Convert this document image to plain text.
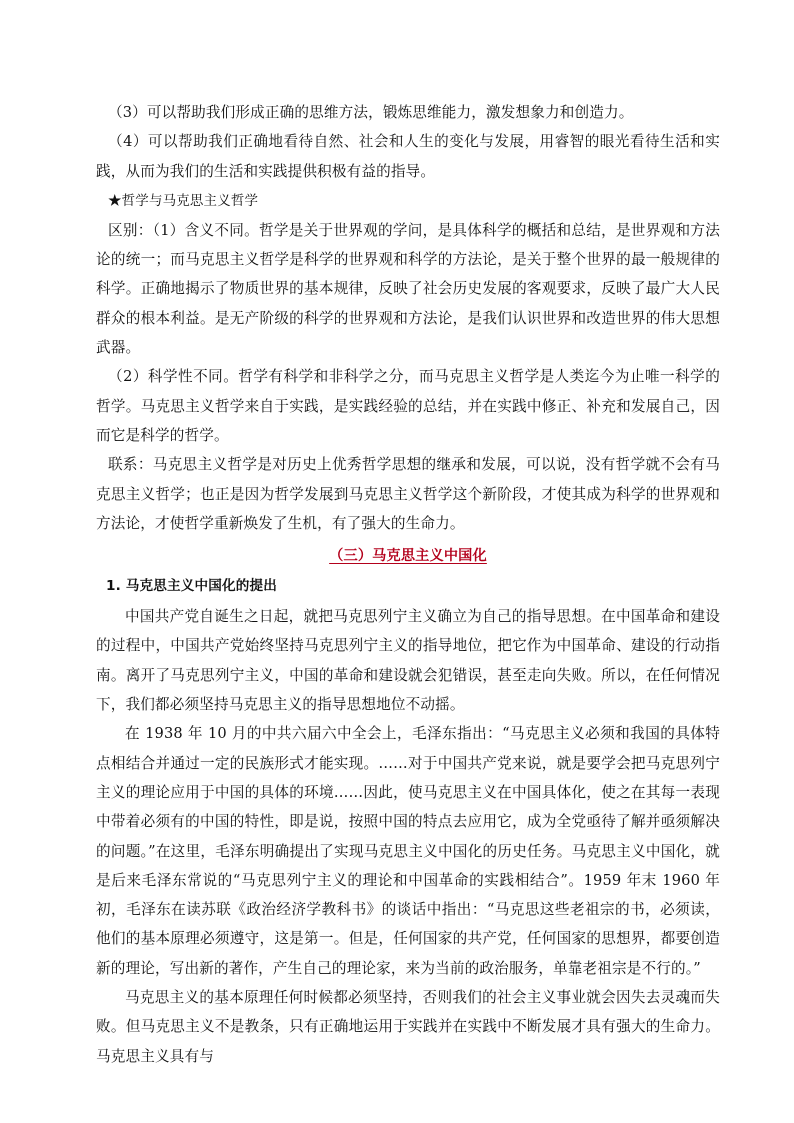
（3）可以帮助我们形成正确的思维方法，锻炼思维能力，激发想象力和创造力。

（4）可以帮助我们正确地看待自然、社会和人生的变化与发展，用睿智的眼光看待生活和实践，从而为我们的生活和实践提供积极有益的指导。

★哲学与马克思主义哲学

区别：（1）含义不同。哲学是关于世界观的学问，是具体科学的概括和总结，是世界观和方法论的统一；而马克思主义哲学是科学的世界观和科学的方法论，是关于整个世界的最一般规律的科学。正确地揭示了物质世界的基本规律，反映了社会历史发展的客观要求，反映了最广大人民群众的根本利益。是无产阶级的科学的世界观和方法论，是我们认识世界和改造世界的伟大思想武器。

（2）科学性不同。哲学有科学和非科学之分，而马克思主义哲学是人类迄今为止唯一科学的哲学。马克思主义哲学来自于实践，是实践经验的总结，并在实践中修正、补充和发展自己，因而它是科学的哲学。

联系：马克思主义哲学是对历史上优秀哲学思想的继承和发展，可以说，没有哲学就不会有马克思主义哲学；也正是因为哲学发展到马克思主义哲学这个新阶段，才使其成为科学的世界观和方法论，才使哲学重新焕发了生机，有了强大的生命力。

（三）马克思主义中国化

1. 马克思主义中国化的提出

中国共产党自诞生之日起，就把马克思列宁主义确立为自己的指导思想。在中国革命和建设的过程中，中国共产党始终坚持马克思列宁主义的指导地位，把它作为中国革命、建设的行动指南。离开了马克思列宁主义，中国的革命和建设就会犯错误，甚至走向失败。所以，在任何情况下，我们都必须坚持马克思主义的指导思想地位不动摇。

在 1938 年 10 月的中共六届六中全会上，毛泽东指出：“马克思主义必须和我国的具体特点相结合并通过一定的民族形式才能实现。……对于中国共产党来说，就是要学会把马克思列宁主义的理论应用于中国的具体的环境……因此，使马克思主义在中国具体化，使之在其每一表现中带着必须有的中国的特性，即是说，按照中国的特点去应用它，成为全党亟待了解并亟须解决的问题。”在这里，毛泽东明确提出了实现马克思主义中国化的历史任务。马克思主义中国化，就是后来毛泽东常说的“马克思列宁主义的理论和中国革命的实践相结合”。1959 年末 1960 年初，毛泽东在读苏联《政治经济学教科书》的谈话中指出：“马克思这些老祖宗的书，必须读，他们的基本原理必须遵守，这是第一。但是，任何国家的共产党，任何国家的思想界，都要创造新的理论，写出新的著作，产生自己的理论家，来为当前的政治服务，单靠老祖宗是不行的。”

马克思主义的基本原理任何时候都必须坚持，否则我们的社会主义事业就会因失去灵魂而失败。但马克思主义不是教条，只有正确地运用于实践并在实践中不断发展才具有强大的生命力。马克思主义具有与
